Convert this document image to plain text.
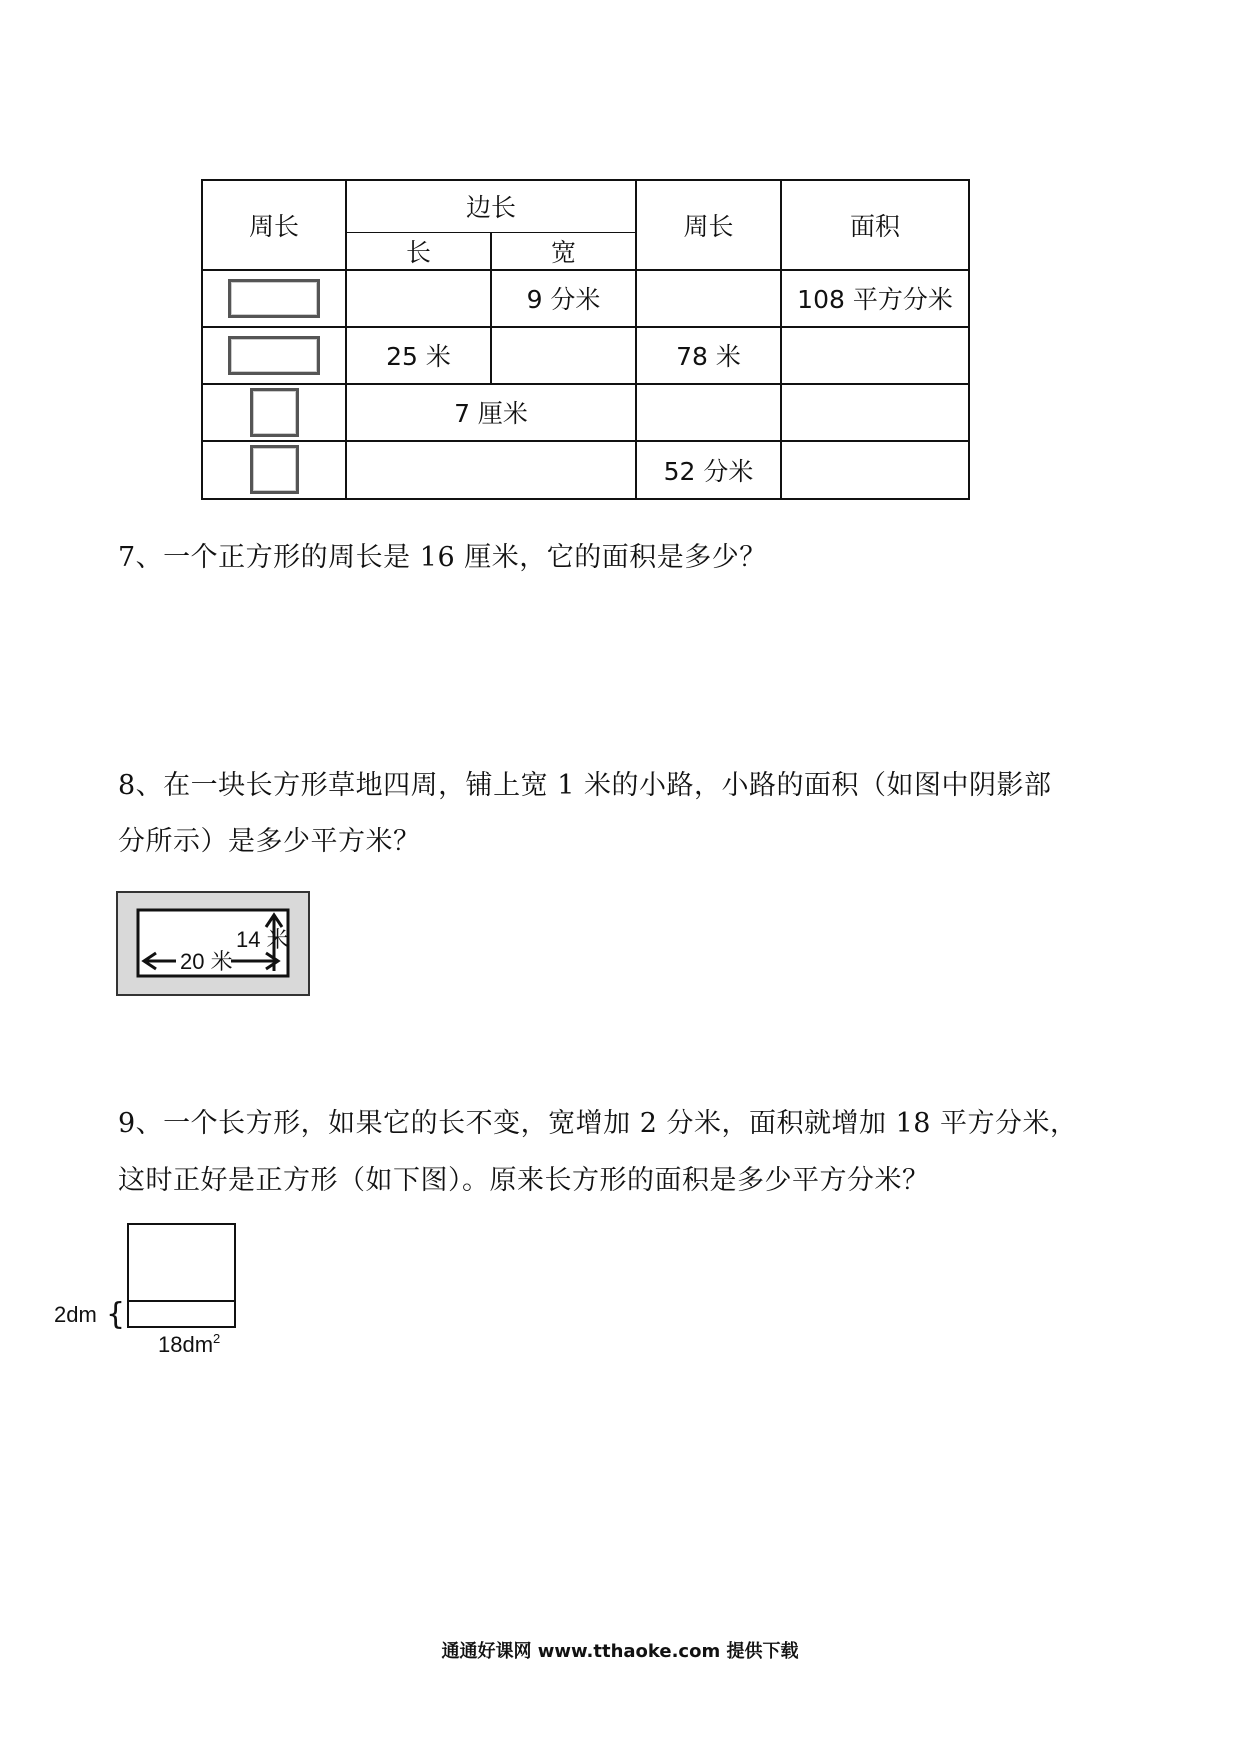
周长	边长		周长	面积
	长	宽		
		9 分米		108 平方分米
	25 米		78 米	
	7 厘米			
			52 分米	

7、一个正方形的周长是 16 厘米，它的面积是多少？

8、在一块长方形草地四周，铺上宽 1 米的小路，小路的面积（如图中阴影部

分所示）是多少平方米？

20 米
14 米

9、一个长方形，如果它的长不变，宽增加 2 分米，面积就增加 18 平方分米，

这时正好是正方形（如下图）。原来长方形的面积是多少平方分米？

2dm {
$18dm^2$
通通好课网 www.tthaoke.com 提供下载
